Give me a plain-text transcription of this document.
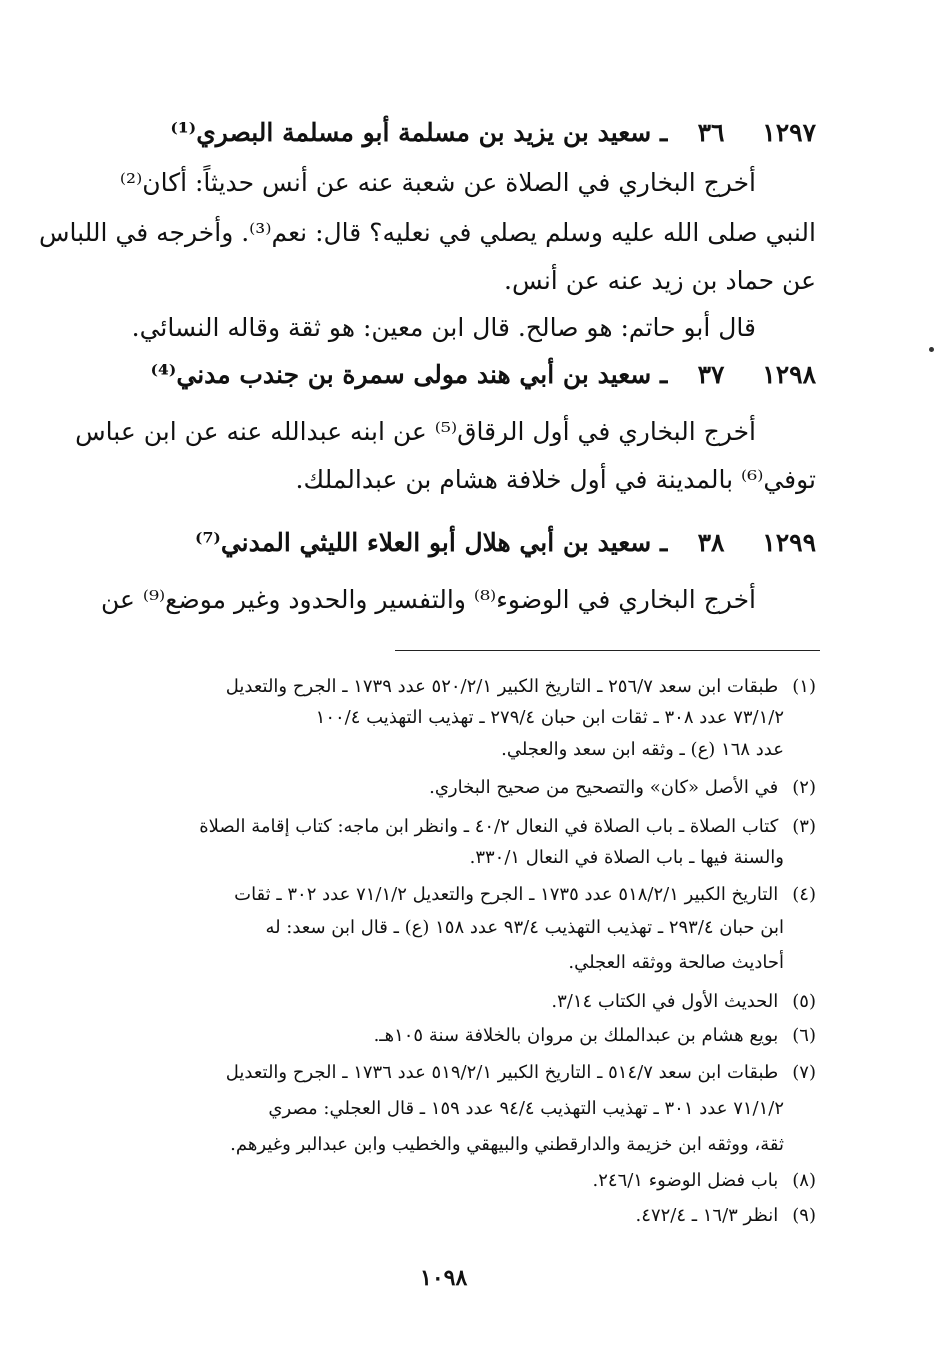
١٢٩٧٣٦ ـ سعيد بن يزيد بن مسلمة أبو مسلمة البصري⁽¹⁾
أخرج البخاري في الصلاة عن شعبة عنه عن أنس حديثاً: أكان⁽²⁾
النبي صلى الله عليه وسلم يصلي في نعليه؟ قال: نعم⁽³⁾. وأخرجه في اللباس
عن حماد بن زيد عنه عن أنس.
قال أبو حاتم: هو صالح. قال ابن معين: هو ثقة وقاله النسائي.
١٢٩٨٣٧ ـ سعيد بن أبي هند مولى سمرة بن جندب مدني⁽⁴⁾
أخرج البخاري في أول الرقاق⁽⁵⁾ عن ابنه عبدالله عنه عن ابن عباس
توفي⁽⁶⁾ بالمدينة في أول خلافة هشام بن عبدالملك.
١٢٩٩٣٨ ـ سعيد بن أبي هلال أبو العلاء الليثي المدني⁽⁷⁾
أخرج البخاري في الوضوء⁽⁸⁾ والتفسير والحدود وغير موضع⁽⁹⁾ عن
(١) طبقات ابن سعد ٢٥٦/٧ ـ التاريخ الكبير ٥٢٠/٢/١ عدد ١٧٣٩ ـ الجرح والتعديل
٧٣/١/٢ عدد ٣٠٨ ـ ثقات ابن حبان ٢٧٩/٤ ـ تهذيب التهذيب ١٠٠/٤
عدد ١٦٨ (ع) ـ وثقه ابن سعد والعجلي.
(٢) في الأصل «كان» والتصحيح من صحيح البخاري.
(٣) كتاب الصلاة ـ باب الصلاة في النعال ٤٠/٢ ـ وانظر ابن ماجه: كتاب إقامة الصلاة
والسنة فيها ـ باب الصلاة في النعال ٣٣٠/١.
(٤) التاريخ الكبير ٥١٨/٢/١ عدد ١٧٣٥ ـ الجرح والتعديل ٧١/١/٢ عدد ٣٠٢ ـ ثقات
ابن حبان ٢٩٣/٤ ـ تهذيب التهذيب ٩٣/٤ عدد ١٥٨ (ع) ـ قال ابن سعد: له
أحاديث صالحة ووثقه العجلي.
(٥) الحديث الأول في الكتاب ٣/١٤.
(٦) بويع هشام بن عبدالملك بن مروان بالخلافة سنة ١٠٥هـ.
(٧) طبقات ابن سعد ٥١٤/٧ ـ التاريخ الكبير ٥١٩/٢/١ عدد ١٧٣٦ ـ الجرح والتعديل
٧١/١/٢ عدد ٣٠١ ـ تهذيب التهذيب ٩٤/٤ عدد ١٥٩ ـ قال العجلي: مصري
ثقة، ووثقه ابن خزيمة والدارقطني والبيهقي والخطيب وابن عبدالبر وغيرهم.
(٨) باب فضل الوضوء ٢٤٦/١.
(٩) انظر ١٦/٣ ـ ٤٧٢/٤.
١٠٩٨
